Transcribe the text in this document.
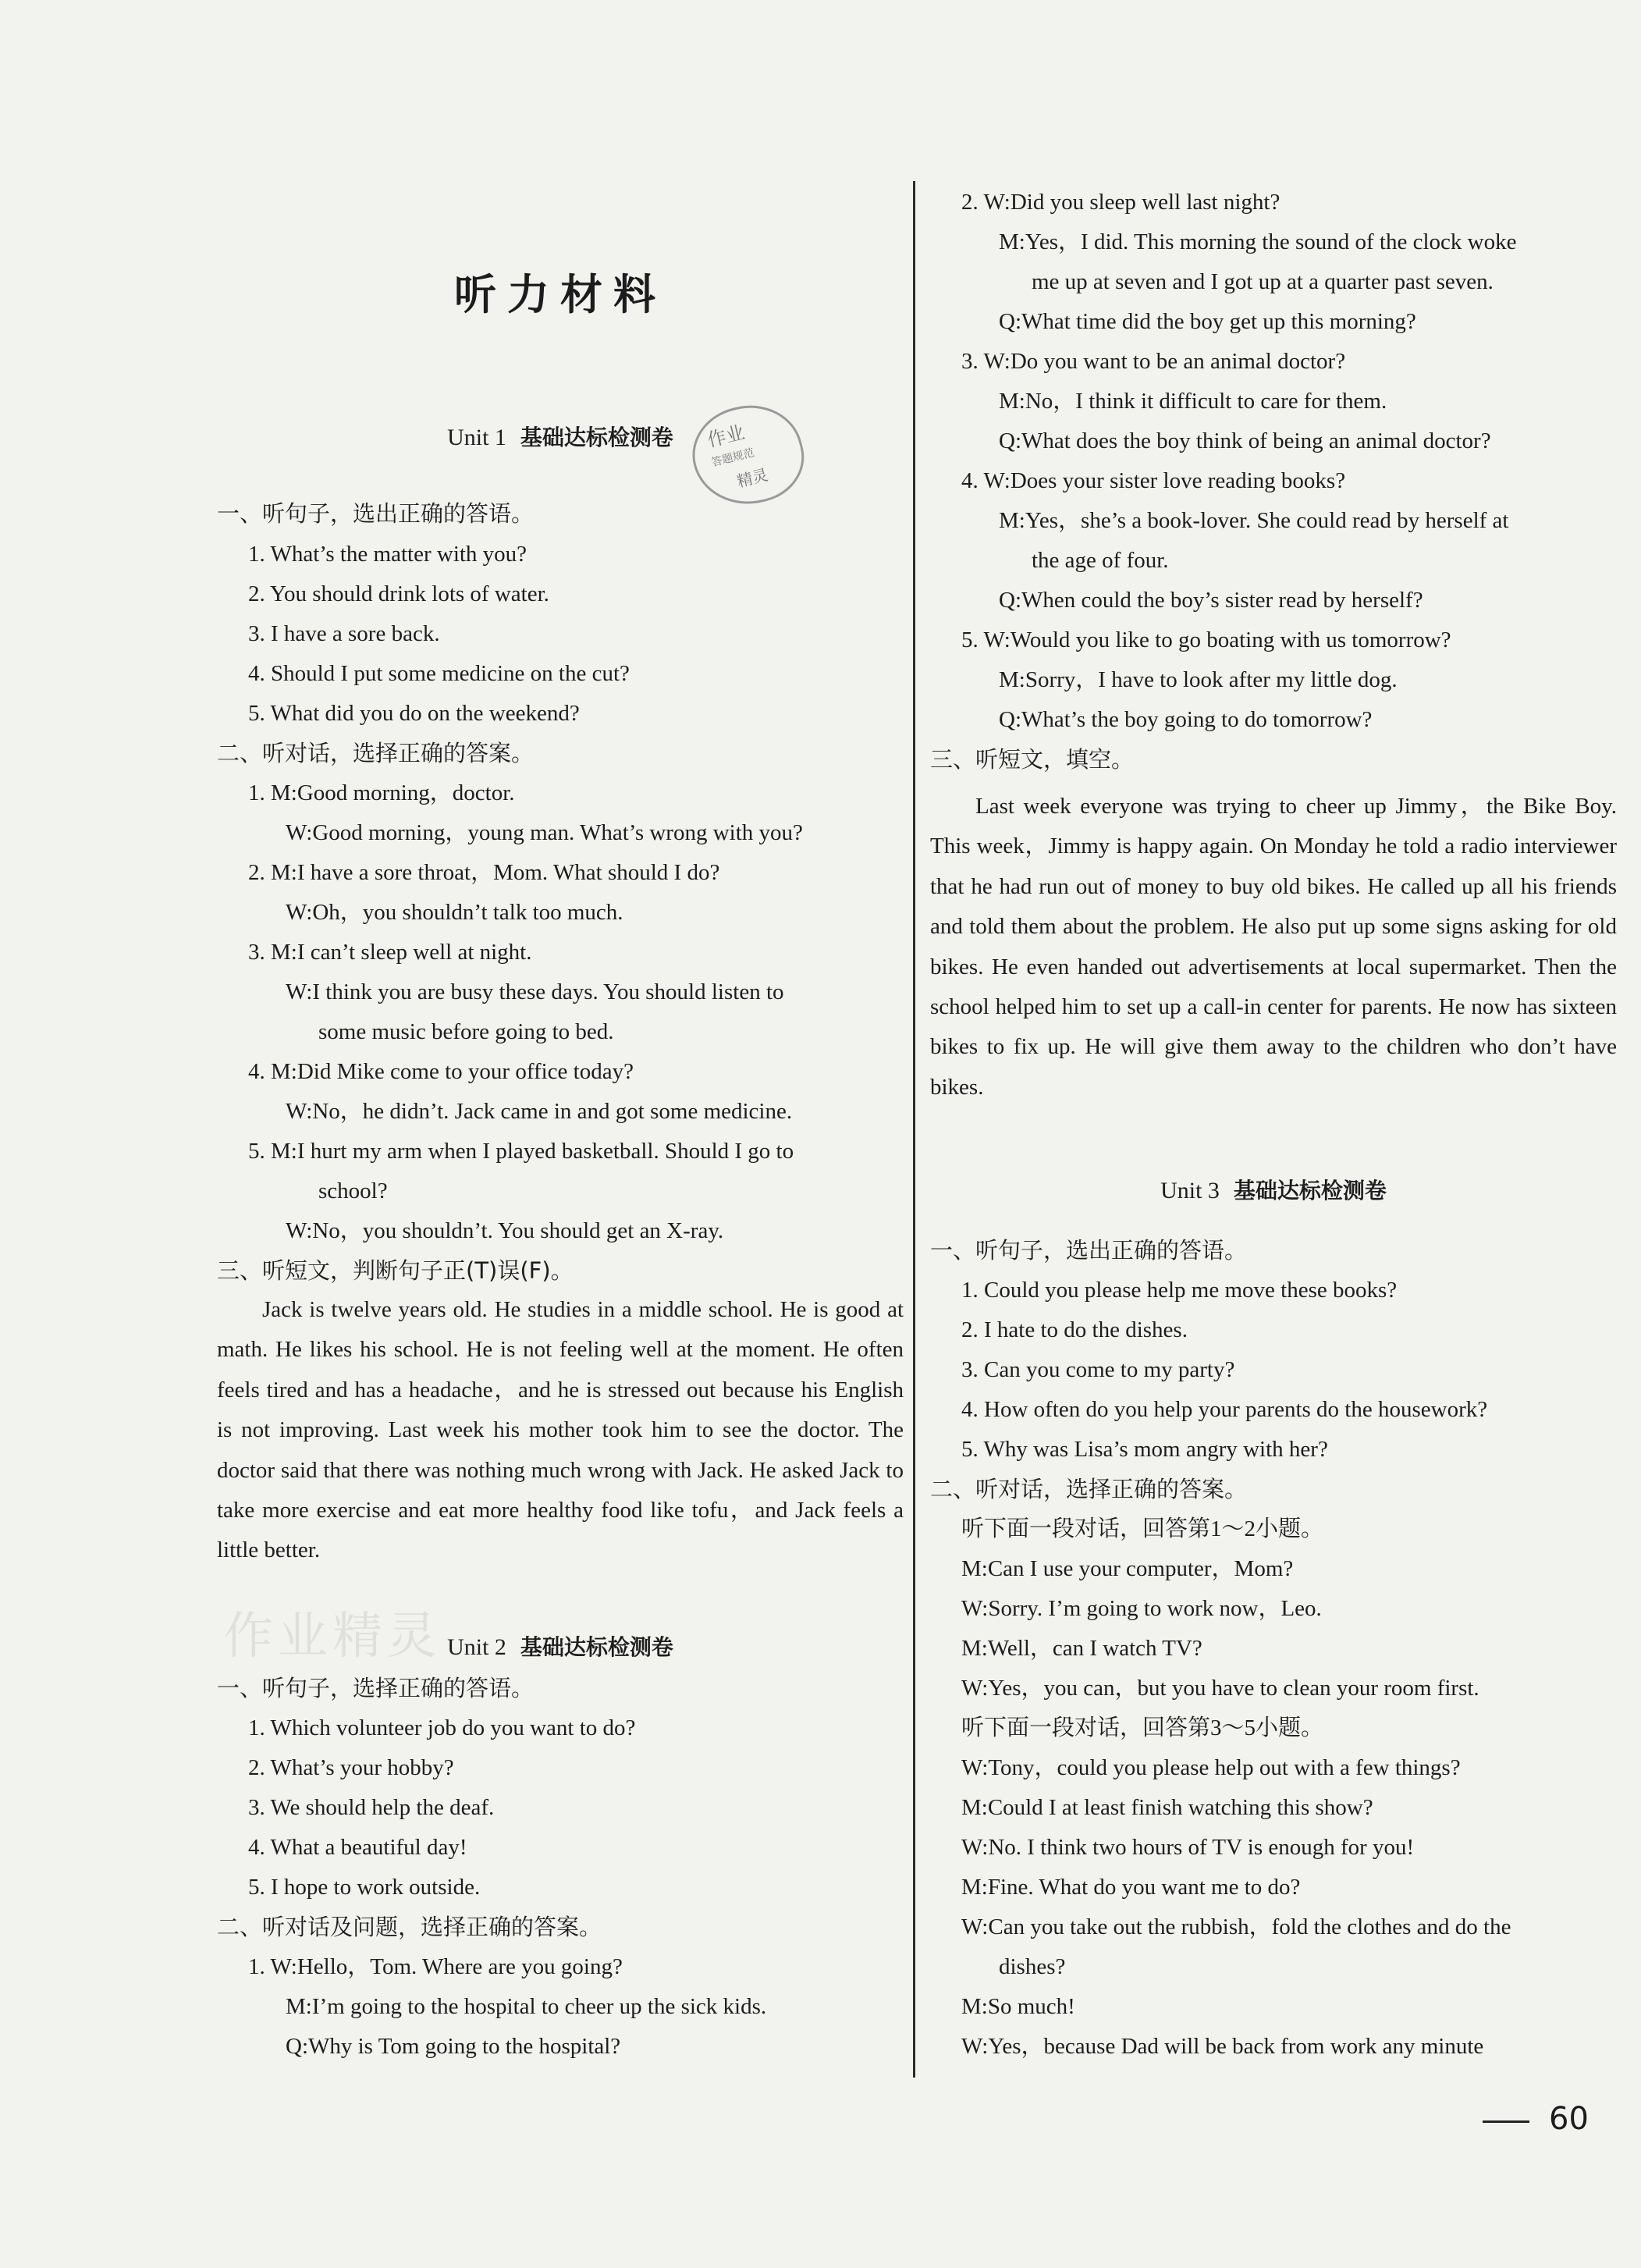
听力材料
Unit 1 基础达标检测卷	作业
答题规范
精灵
一、听句子，选出正确的答语。
1. What’s the matter with you?
2. You should drink lots of water.
3. I have a sore back.
4. Should I put some medicine on the cut?
5. What did you do on the weekend?
二、听对话，选择正确的答案。
1. M:Good morning，doctor.
W:Good morning，young man. What’s wrong with you?
2. M:I have a sore throat，Mom. What should I do?
W:Oh，you shouldn’t talk too much.
3. M:I can’t sleep well at night.
W:I think you are busy these days. You should listen to
some music before going to bed.
4. M:Did Mike come to your office today?
W:No，he didn’t. Jack came in and got some medicine.
5. M:I hurt my arm when I played basketball. Should I go to
school?
W:No，you shouldn’t. You should get an X-ray.
三、听短文，判断句子正(T)误(F)。
Jack is twelve years old. He studies in a middle school. He is good at math. He likes his school. He is not feeling well at the moment. He often feels tired and has a headache，and he is stressed out because his English is not improving. Last week his mother took him to see the doctor. The doctor said that there was nothing much wrong with Jack. He asked Jack to take more exercise and eat more healthy food like tofu，and Jack feels a little better.
作业精灵 Unit 2 基础达标检测卷
一、听句子，选择正确的答语。
1. Which volunteer job do you want to do?
2. What’s your hobby?
3. We should help the deaf.
4. What a beautiful day!
5. I hope to work outside.
二、听对话及问题，选择正确的答案。
1. W:Hello，Tom. Where are you going?
M:I’m going to the hospital to cheer up the sick kids.
Q:Why is Tom going to the hospital?
2. W:Did you sleep well last night?
M:Yes，I did. This morning the sound of the clock woke
me up at seven and I got up at a quarter past seven.
Q:What time did the boy get up this morning?
3. W:Do you want to be an animal doctor?
M:No，I think it difficult to care for them.
Q:What does the boy think of being an animal doctor?
4. W:Does your sister love reading books?
M:Yes，she’s a book-lover. She could read by herself at
the age of four.
Q:When could the boy’s sister read by herself?
5. W:Would you like to go boating with us tomorrow?
M:Sorry，I have to look after my little dog.
Q:What’s the boy going to do tomorrow?
三、听短文，填空。
Last week everyone was trying to cheer up Jimmy，the Bike Boy. This week，Jimmy is happy again. On Monday he told a radio interviewer that he had run out of money to buy old bikes. He called up all his friends and told them about the problem. He also put up some signs asking for old bikes. He even handed out advertisements at local supermarket. Then the school helped him to set up a call-in center for parents. He now has sixteen bikes to fix up. He will give them away to the children who don’t have bikes.
Unit 3 基础达标检测卷
一、听句子，选出正确的答语。
1. Could you please help me move these books?
2. I hate to do the dishes.
3. Can you come to my party?
4. How often do you help your parents do the housework?
5. Why was Lisa’s mom angry with her?
二、听对话，选择正确的答案。
听下面一段对话，回答第1～2小题。
M:Can I use your computer，Mom?
W:Sorry. I’m going to work now，Leo.
M:Well，can I watch TV?
W:Yes，you can，but you have to clean your room first.
听下面一段对话，回答第3～5小题。
W:Tony，could you please help out with a few things?
M:Could I at least finish watching this show?
W:No. I think two hours of TV is enough for you!
M:Fine. What do you want me to do?
W:Can you take out the rubbish，fold the clothes and do the
dishes?
M:So much!
W:Yes，because Dad will be back from work any minute
60
